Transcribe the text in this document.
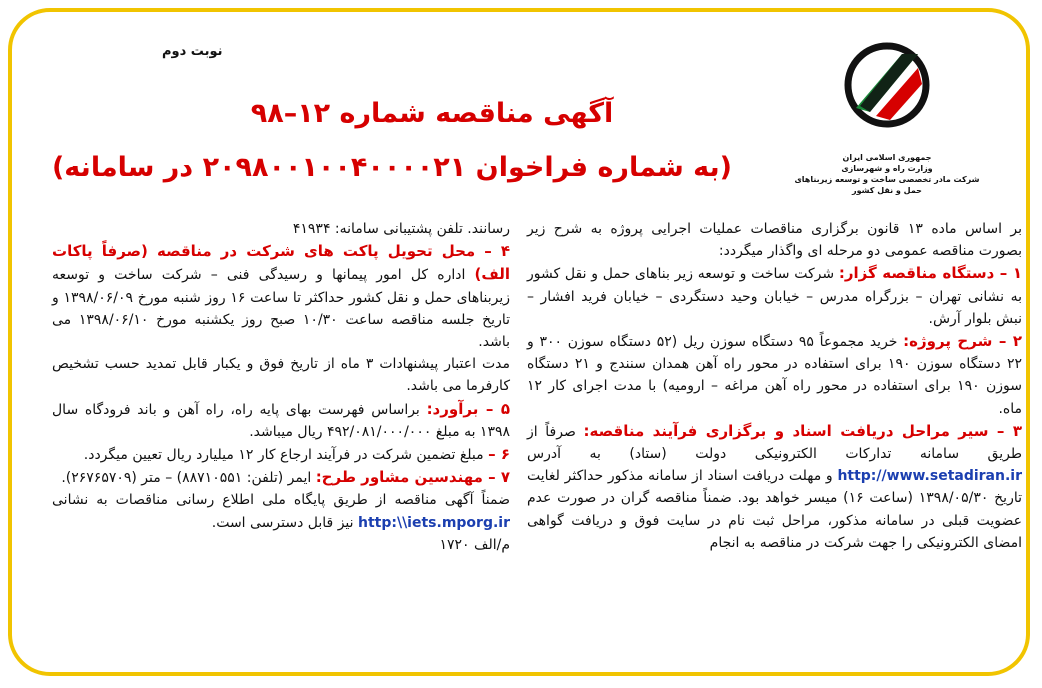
جمهوری اسلامی ایران
وزارت راه و شهرسازی
شرکت مادر تخصصی ساخت و توسعه زیربناهای حمل و نقل کشور
نوبت دوم
آگهی مناقصه شماره ۱۲–۹۸
(به شماره فراخوان ۲۰۹۸۰۰۱۰۰۴۰۰۰۰۲۱ در سامانه)

بر اساس ماده ۱۳ قانون برگزاری مناقصات عملیات اجرایی پروژه به شرح زیر بصورت مناقصه عمومی دو مرحله ای واگذار میگردد:

۱ – دستگاه مناقصه گزار: شرکت ساخت و توسعه زیر بناهای حمل و نقل کشور به نشانی تهران – بزرگراه مدرس – خیابان وحید دستگردی – خیابان فرید افشار – نبش بلوار آرش.

۲ – شرح پروژه: خرید مجموعاً ۹۵ دستگاه سوزن ریل (۵۲ دستگاه سوزن ۳۰۰ و ۲۲ دستگاه سوزن ۱۹۰ برای استفاده در محور راه آهن همدان سنندج و ۲۱ دستگاه سوزن ۱۹۰ برای استفاده در محور راه آهن مراغه – ارومیه) با مدت اجرای کار ۱۲ ماه.

۳ – سیر مراحل دریافت اسناد و برگزاری فرآیند مناقصه: صرفاً از طریق سامانه تدارکات الکترونیکی دولت (ستاد) به آدرس http://www.setadiran.ir و مهلت دریافت اسناد از سامانه مذکور حداکثر لغایت تاریخ ۱۳۹۸/۰۵/۳۰ (ساعت ۱۶) میسر خواهد بود. ضمناً مناقصه گران در صورت عدم عضویت قبلی در سامانه مذکور، مراحل ثبت نام در سایت فوق و دریافت گواهی امضای الکترونیکی را جهت شرکت در مناقصه به انجام

رسانند. تلفن پشتیبانی سامانه: ۴۱۹۳۴

۴ – محل تحویل پاکت های شرکت در مناقصه (صرفاً پاکات الف) اداره کل امور پیمانها و رسیدگی فنی – شرکت ساخت و توسعه زیربناهای حمل و نقل کشور حداکثر تا ساعت ۱۶ روز شنبه مورخ ۱۳۹۸/۰۶/۰۹ و تاریخ جلسه مناقصه ساعت ۱۰/۳۰ صبح روز یکشنبه مورخ ۱۳۹۸/۰۶/۱۰ می باشد.

مدت اعتبار پیشنهادات ۳ ماه از تاریخ فوق و یکبار قابل تمدید حسب تشخیص کارفرما می باشد.

۵ – برآورد: براساس فهرست بهای پایه راه، راه آهن و باند فرودگاه سال ۱۳۹۸ به مبلغ ۴۹۲/۰۸۱/۰۰۰/۰۰۰ ریال میباشد.

۶ – مبلغ تضمین شرکت در فرآیند ارجاع کار ۱۲ میلیارد ریال تعیین میگردد.

۷ – مهندسین مشاور طرح: ایمر (تلفن: ۸۸۷۱۰۵۵۱) – متر (۲۶۷۶۵۷۰۹).

ضمناً آگهی مناقصه از طریق پایگاه ملی اطلاع رسانی مناقصات به نشانی http:\\iets.mporg.ir نیز قابل دسترسی است.

م/الف ۱۷۲۰
